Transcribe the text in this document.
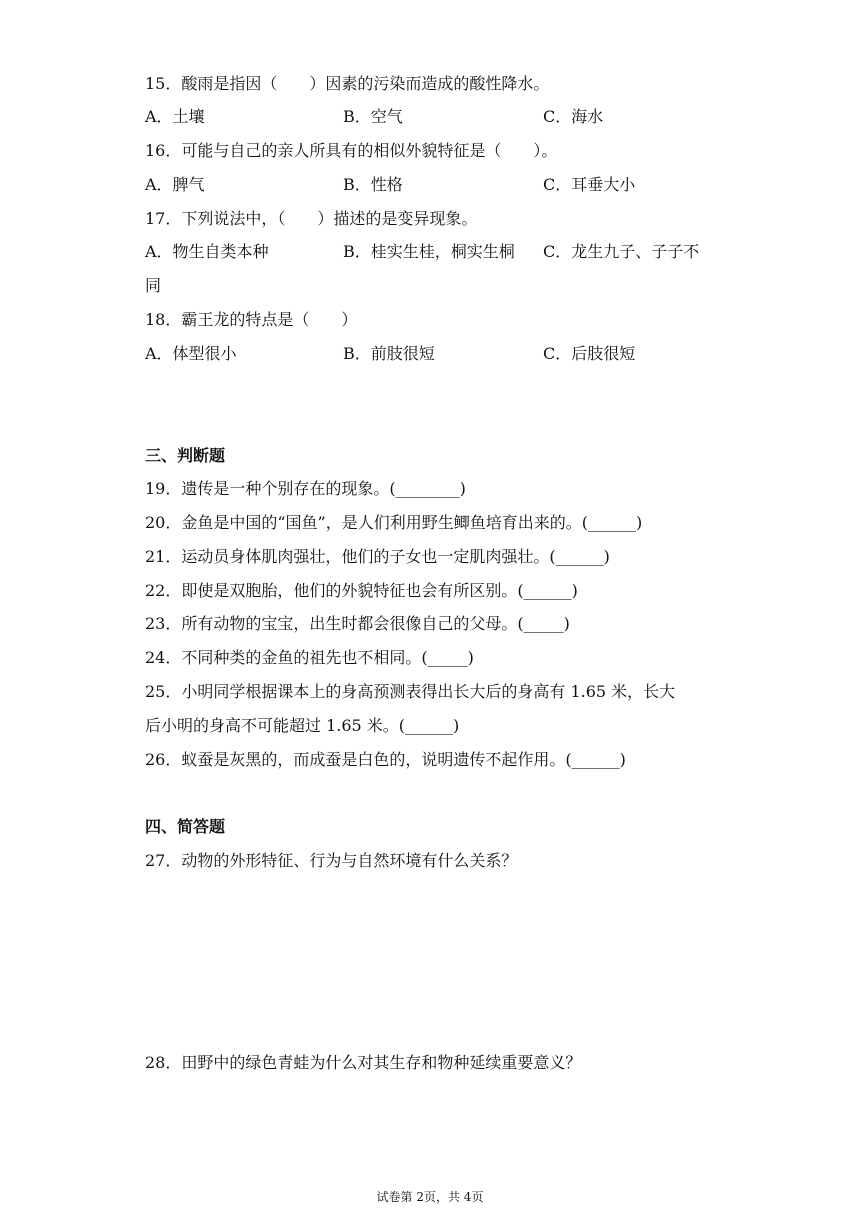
15．酸雨是指因（　　）因素的污染而造成的酸性降水。
A．土壤	B．空气	C．海水
16．可能与自己的亲人所具有的相似外貌特征是（　　）。
A．脾气	B．性格	C．耳垂大小
17．下列说法中，（　　）描述的是变异现象。
A．物生自类本种	B．桂实生桂，桐实生桐 C．龙生九子、子子不
同
18．霸王龙的特点是（　　）
A．体型很小	B．前肢很短	C．后肢很短
三、判断题
19．遗传是一种个别存在的现象。(________)
20．金鱼是中国的“国鱼”，是人们利用野生鲫鱼培育出来的。(______)
21．运动员身体肌肉强壮，他们的子女也一定肌肉强壮。(______)
22．即使是双胞胎，他们的外貌特征也会有所区别。(______)
23．所有动物的宝宝，出生时都会很像自己的父母。(_____)
24．不同种类的金鱼的祖先也不相同。(_____)
25．小明同学根据课本上的身高预测表得出长大后的身高有 1.65 米，长大
后小明的身高不可能超过 1.65 米。(______)
26．蚁蚕是灰黑的，而成蚕是白色的，说明遗传不起作用。(______)
四、简答题
27．动物的外形特征、行为与自然环境有什么关系？
28．田野中的绿色青蛙为什么对其生存和物种延续重要意义？
试卷第 2页，共 4页
